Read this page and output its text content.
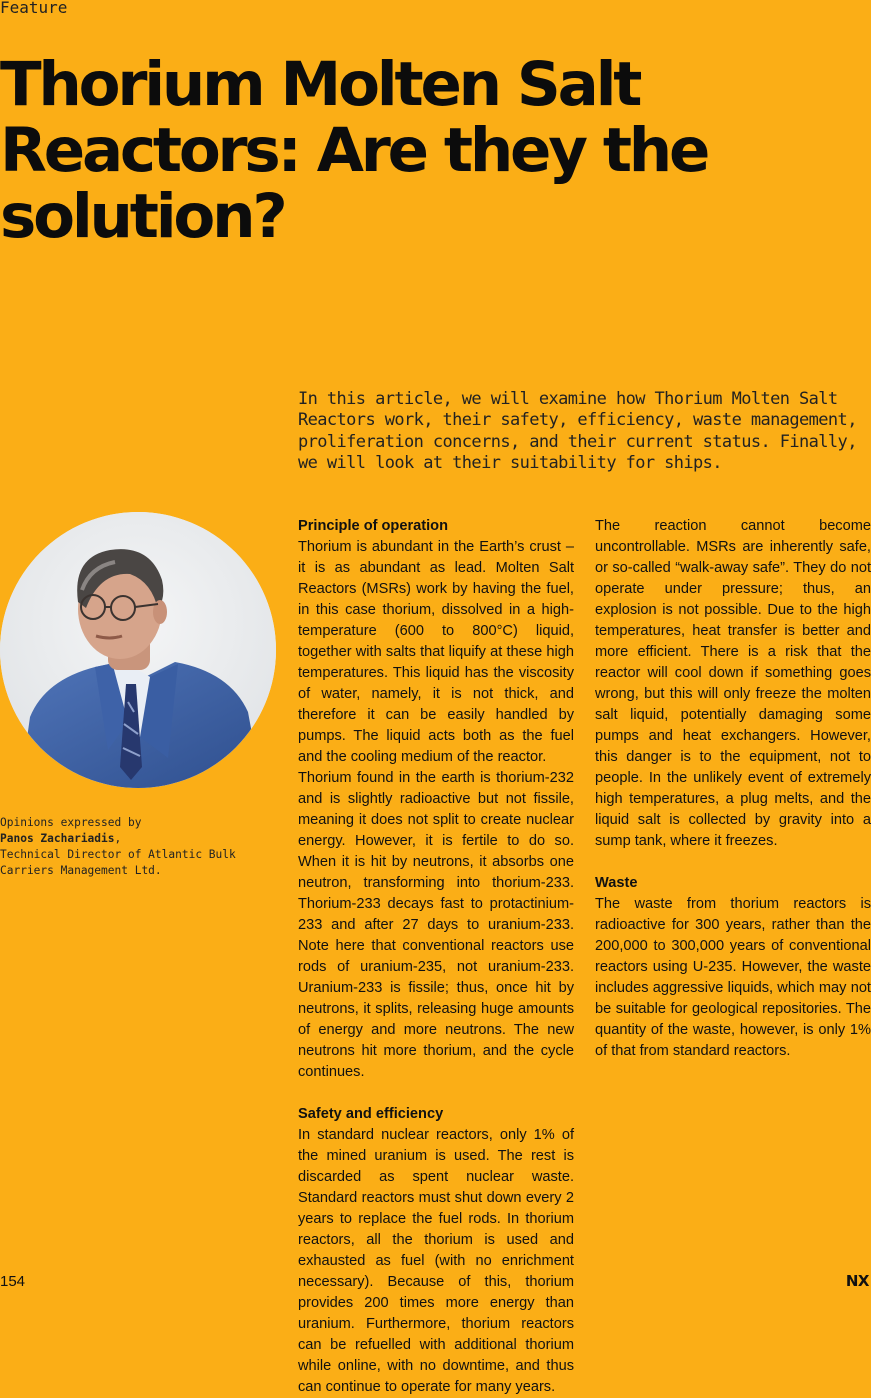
Feature
Thorium Molten Salt Reactors: Are they the solution?

In this article, we will examine how Thorium Molten Salt Reactors work, their safety, efficiency, waste management, proliferation concerns, and their current status. Finally, we will look at their suitability for ships.

Opinions expressed by
Panos Zachariadis,
Technical Director of Atlantic Bulk Carriers Management Ltd.
Principle of operation

Thorium is abundant in the Earth’s crust – it is as abundant as lead. Molten Salt Reactors (MSRs) work by having the fuel, in this case thorium, dissolved in a high-temperature (600 to 800°C) liquid, together with salts that liquify at these high temperatures. This liquid has the viscosity of water, namely, it is not thick, and therefore it can be easily handled by pumps. The liquid acts both as the fuel and the cooling medium of the reactor.

Thorium found in the earth is thorium-232 and is slightly radioactive but not fissile, meaning it does not split to create nuclear energy. However, it is fertile to do so. When it is hit by neutrons, it absorbs one neutron, transforming into thorium-233. Thorium-233 decays fast to protactinium-233 and after 27 days to uranium-233. Note here that conventional reactors use rods of uranium-235, not uranium-233. Uranium-233 is fissile; thus, once hit by neutrons, it splits, releasing huge amounts of energy and more neutrons. The new neutrons hit more thorium, and the cycle continues.

Safety and efficiency

In standard nuclear reactors, only 1% of the mined uranium is used. The rest is discarded as spent nuclear waste. Standard reactors must shut down every 2 years to replace the fuel rods. In thorium reactors, all the thorium is used and exhausted as fuel (with no enrichment necessary). Because of this, thorium provides 200 times more energy than uranium. Furthermore, thorium reactors can be refuelled with additional thorium while online, with no downtime, and thus can continue to operate for many years.

The reaction cannot become uncontrollable. MSRs are inherently safe, or so-called “walk-away safe”. They do not operate under pressure; thus, an explosion is not possible. Due to the high temperatures, heat transfer is better and more efficient. There is a risk that the reactor will cool down if something goes wrong, but this will only freeze the molten salt liquid, potentially damaging some pumps and heat exchangers. However, this danger is to the equipment, not to people. In the unlikely event of extremely high temperatures, a plug melts, and the liquid salt is collected by gravity into a sump tank, where it freezes.

Waste

The waste from thorium reactors is radioactive for 300 years, rather than the 200,000 to 300,000 years of conventional reactors using U-235. However, the waste includes aggressive liquids, which may not be suitable for geological repositories. The quantity of the waste, however, is only 1% of that from standard reactors.

154	NX
